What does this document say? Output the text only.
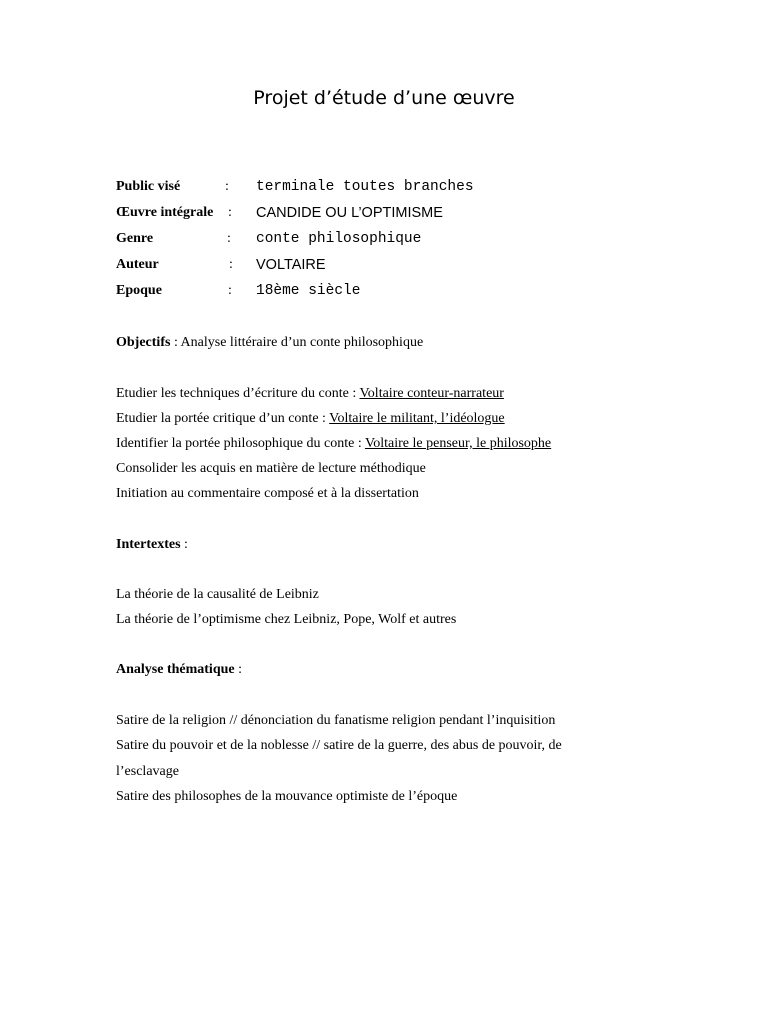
Projet d’étude d’une œuvre
Public visé	: terminale toutes branches
Œuvre intégrale : CANDIDE OU L’OPTIMISME
Genre	: conte philosophique
Auteur	: VOLTAIRE
Epoque	: 18ème siècle
Objectifs : Analyse littéraire d’un conte philosophique
Etudier les techniques d’écriture du conte : Voltaire conteur-narrateur
Etudier la portée critique d’un conte : Voltaire le militant, l’idéologue
Identifier la portée philosophique du conte : Voltaire le penseur, le philosophe
Consolider les acquis en matière de lecture méthodique
Initiation au commentaire composé et à la dissertation
Intertextes :
La théorie de la causalité de Leibniz
La théorie de l’optimisme chez Leibniz, Pope, Wolf et autres
Analyse thématique :
Satire de la religion // dénonciation du fanatisme religion pendant l’inquisition
Satire du pouvoir et de la noblesse // satire de la guerre, des abus de pouvoir, de
l’esclavage
Satire des philosophes de la mouvance optimiste de l’époque
